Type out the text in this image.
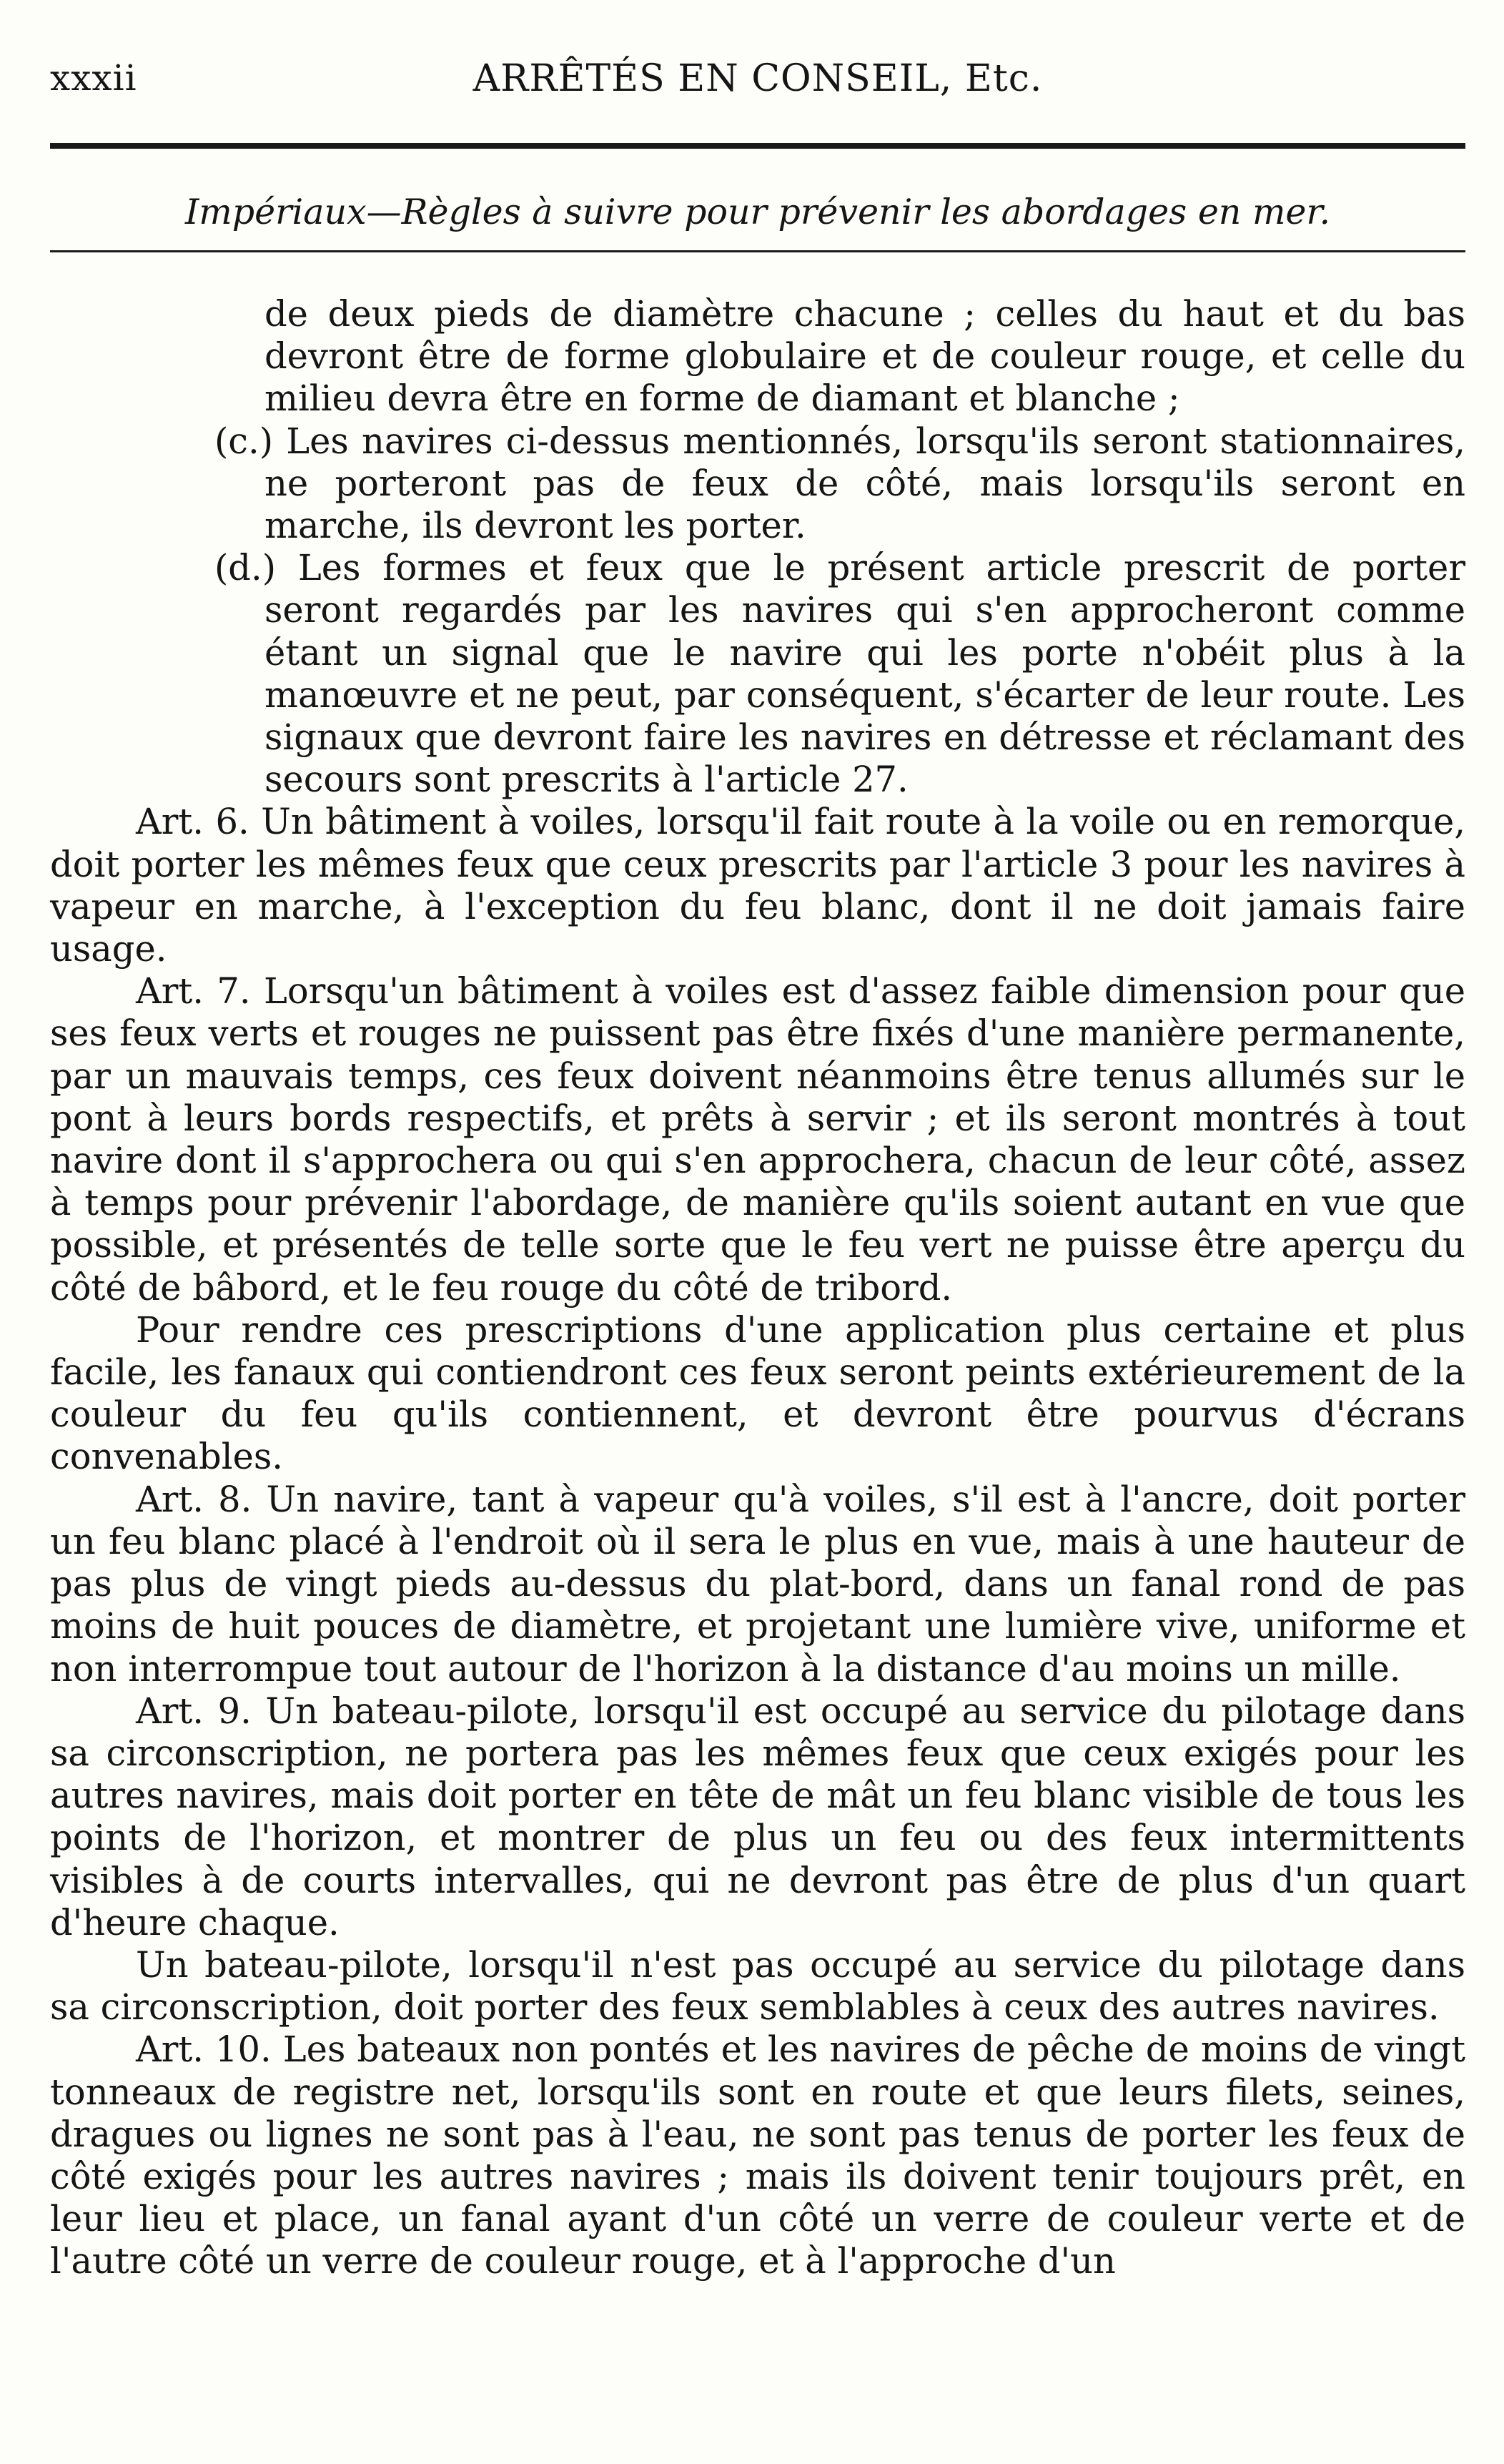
xxxii	ARRÊTÉS EN CONSEIL, Etc.
Impériaux—Règles à suivre pour prévenir les abordages en mer.

de deux pieds de diamètre chacune ; celles du haut et du bas devront être de forme globulaire et de couleur rouge, et celle du milieu devra être en forme de diamant et blanche ;

(c.) Les navires ci-dessus mentionnés, lorsqu'ils seront stationnaires, ne porteront pas de feux de côté, mais lorsqu'ils seront en marche, ils devront les porter.

(d.) Les formes et feux que le présent article prescrit de porter seront regardés par les navires qui s'en approcheront comme étant un signal que le navire qui les porte n'obéit plus à la manœuvre et ne peut, par conséquent, s'écarter de leur route. Les signaux que devront faire les navires en détresse et réclamant des secours sont prescrits à l'article 27.

Art. 6. Un bâtiment à voiles, lorsqu'il fait route à la voile ou en remorque, doit porter les mêmes feux que ceux prescrits par l'article 3 pour les navires à vapeur en marche, à l'exception du feu blanc, dont il ne doit jamais faire usage.

Art. 7. Lorsqu'un bâtiment à voiles est d'assez faible dimension pour que ses feux verts et rouges ne puissent pas être fixés d'une manière permanente, par un mauvais temps, ces feux doivent néanmoins être tenus allumés sur le pont à leurs bords respectifs, et prêts à servir ; et ils seront montrés à tout navire dont il s'approchera ou qui s'en approchera, chacun de leur côté, assez à temps pour prévenir l'abordage, de manière qu'ils soient autant en vue que possible, et présentés de telle sorte que le feu vert ne puisse être aperçu du côté de bâbord, et le feu rouge du côté de tribord.

Pour rendre ces prescriptions d'une application plus certaine et plus facile, les fanaux qui contiendront ces feux seront peints extérieurement de la couleur du feu qu'ils contiennent, et devront être pourvus d'écrans convenables.

Art. 8. Un navire, tant à vapeur qu'à voiles, s'il est à l'ancre, doit porter un feu blanc placé à l'endroit où il sera le plus en vue, mais à une hauteur de pas plus de vingt pieds au-dessus du plat-bord, dans un fanal rond de pas moins de huit pouces de diamètre, et projetant une lumière vive, uniforme et non interrompue tout autour de l'horizon à la distance d'au moins un mille.

Art. 9. Un bateau-pilote, lorsqu'il est occupé au service du pilotage dans sa circonscription, ne portera pas les mêmes feux que ceux exigés pour les autres navires, mais doit porter en tête de mât un feu blanc visible de tous les points de l'horizon, et montrer de plus un feu ou des feux intermittents visibles à de courts intervalles, qui ne devront pas être de plus d'un quart d'heure chaque.

Un bateau-pilote, lorsqu'il n'est pas occupé au service du pilotage dans sa circonscription, doit porter des feux semblables à ceux des autres navires.

Art. 10. Les bateaux non pontés et les navires de pêche de moins de vingt tonneaux de registre net, lorsqu'ils sont en route et que leurs filets, seines, dragues ou lignes ne sont pas à l'eau, ne sont pas tenus de porter les feux de côté exigés pour les autres navires ; mais ils doivent tenir toujours prêt, en leur lieu et place, un fanal ayant d'un côté un verre de couleur verte et de l'autre côté un verre de couleur rouge, et à l'approche d'un
